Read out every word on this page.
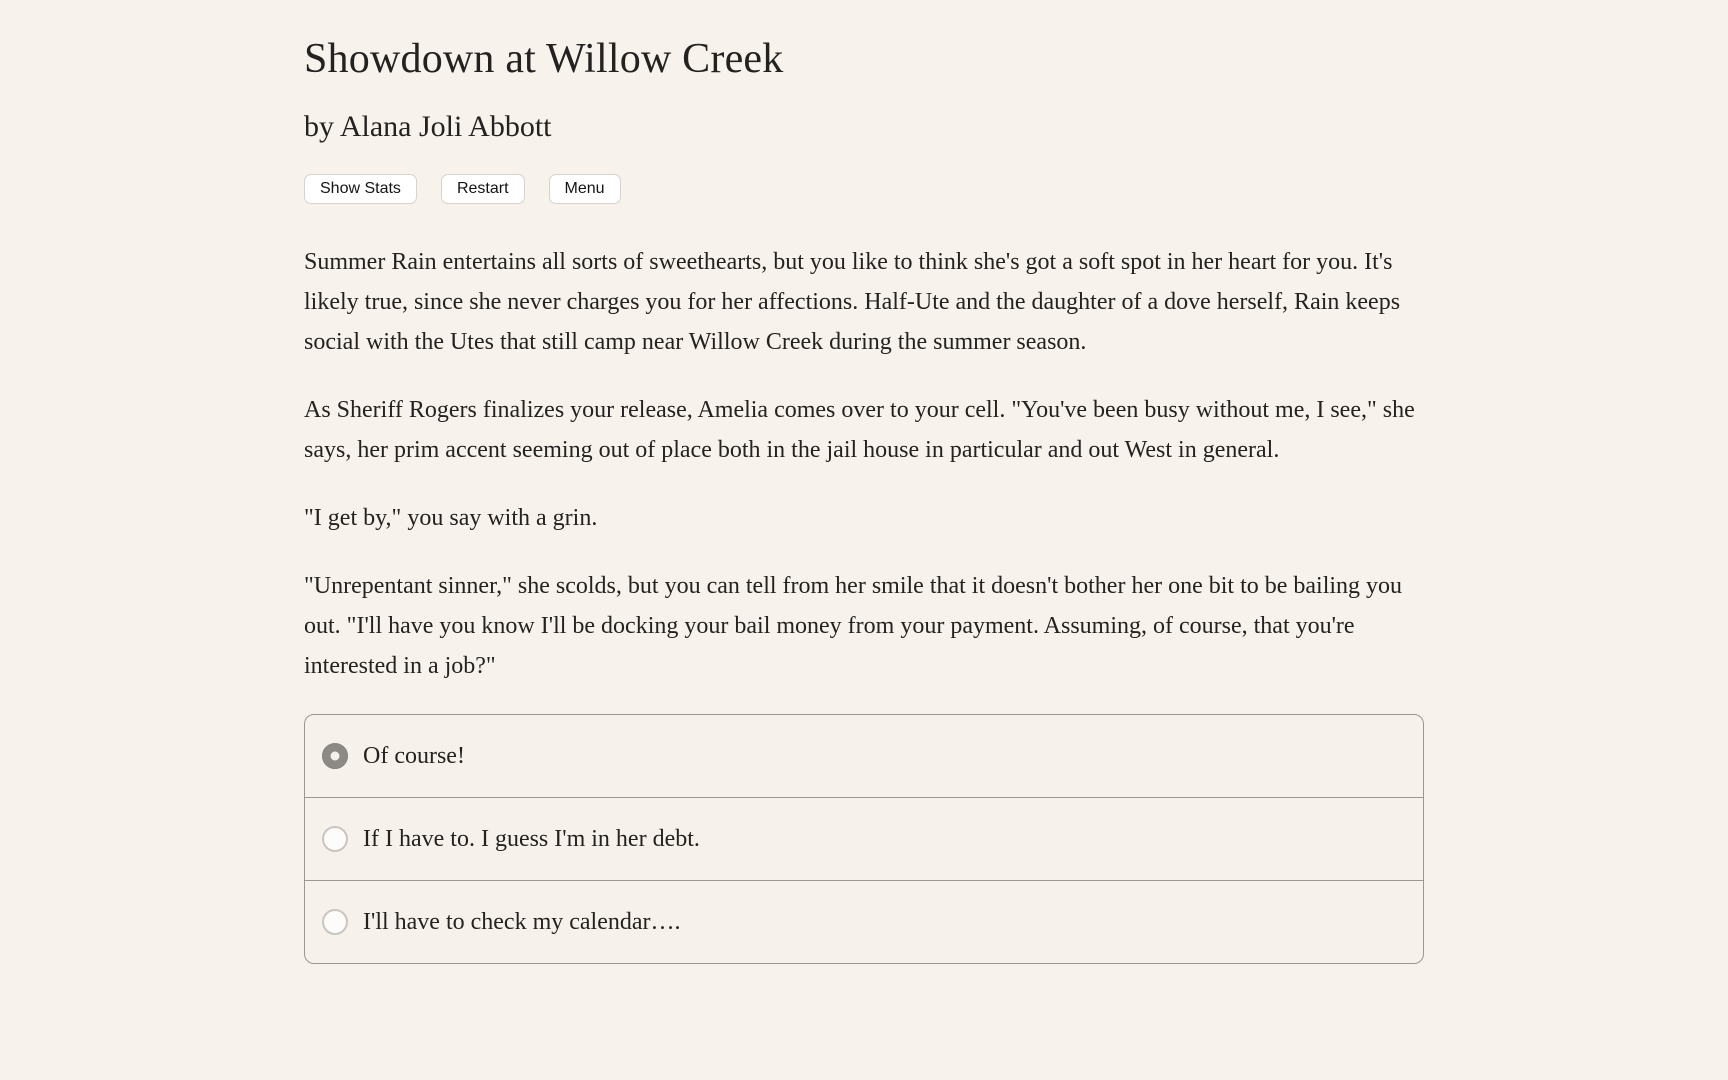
Showdown at Willow Creek
by Alana Joli Abbott
Show Stats	Restart	Menu

Summer Rain entertains all sorts of sweethearts, but you like to think she's got a soft spot in her heart for you. It's likely true, since she never charges you for her affections. Half-Ute and the daughter of a dove herself, Rain keeps social with the Utes that still camp near Willow Creek during the summer season.

As Sheriff Rogers finalizes your release, Amelia comes over to your cell. "You've been busy without me, I see," she says, her prim accent seeming out of place both in the jail house in particular and out West in general.

"I get by," you say with a grin.

"Unrepentant sinner," she scolds, but you can tell from her smile that it doesn't bother her one bit to be bailing you out. "I'll have you know I'll be docking your bail money from your payment. Assuming, of course, that you're interested in a job?"

Of course!
If I have to. I guess I'm in her debt.
I'll have to check my calendar….
